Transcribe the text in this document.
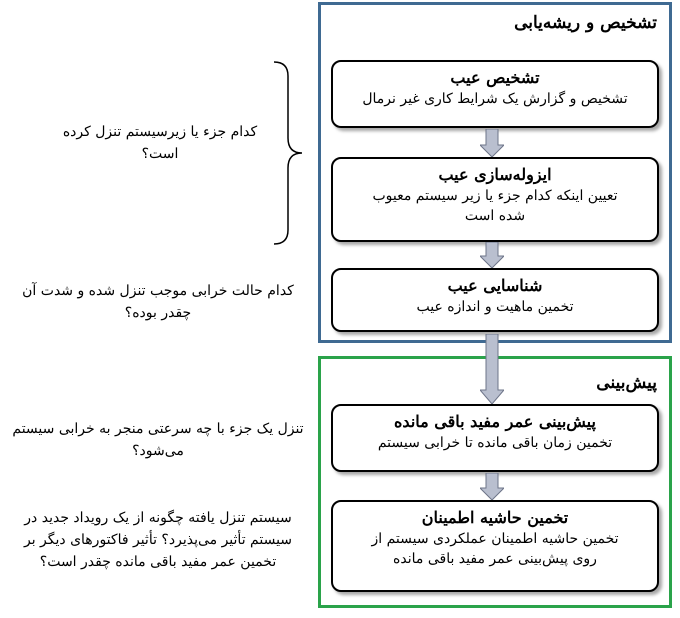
تشخیص و ریشه‌یابی
تشخیص عیب
تشخیص و گزارش یک شرایط کاری غیر نرمال
ایزوله‌سازی عیب
تعیین اینکه کدام جزء یا زیر سیستم معیوب شده است
شناسایی عیب
تخمین ماهیت و اندازه عیب
پیش‌بینی
پیش‌بینی عمر مفید باقی مانده
تخمین زمان باقی مانده تا خرابی سیستم
تخمین حاشیه اطمینان
تخمین حاشیه اطمینان عملکردی سیستم از روی پیش‌بینی عمر مفید باقی مانده
کدام جزء یا زیرسیستم تنزل کرده است؟
کدام حالت خرابی موجب تنزل شده و شدت آن چقدر بوده؟
تنزل یک جزء با چه سرعتی منجر به خرابی سیستم می‌شود؟
سیستم تنزل یافته چگونه از یک رویداد جدید در سیستم تأثیر می‌پذیرد؟ تأثیر فاکتورهای دیگر بر تخمین عمر مفید باقی مانده چقدر است؟
